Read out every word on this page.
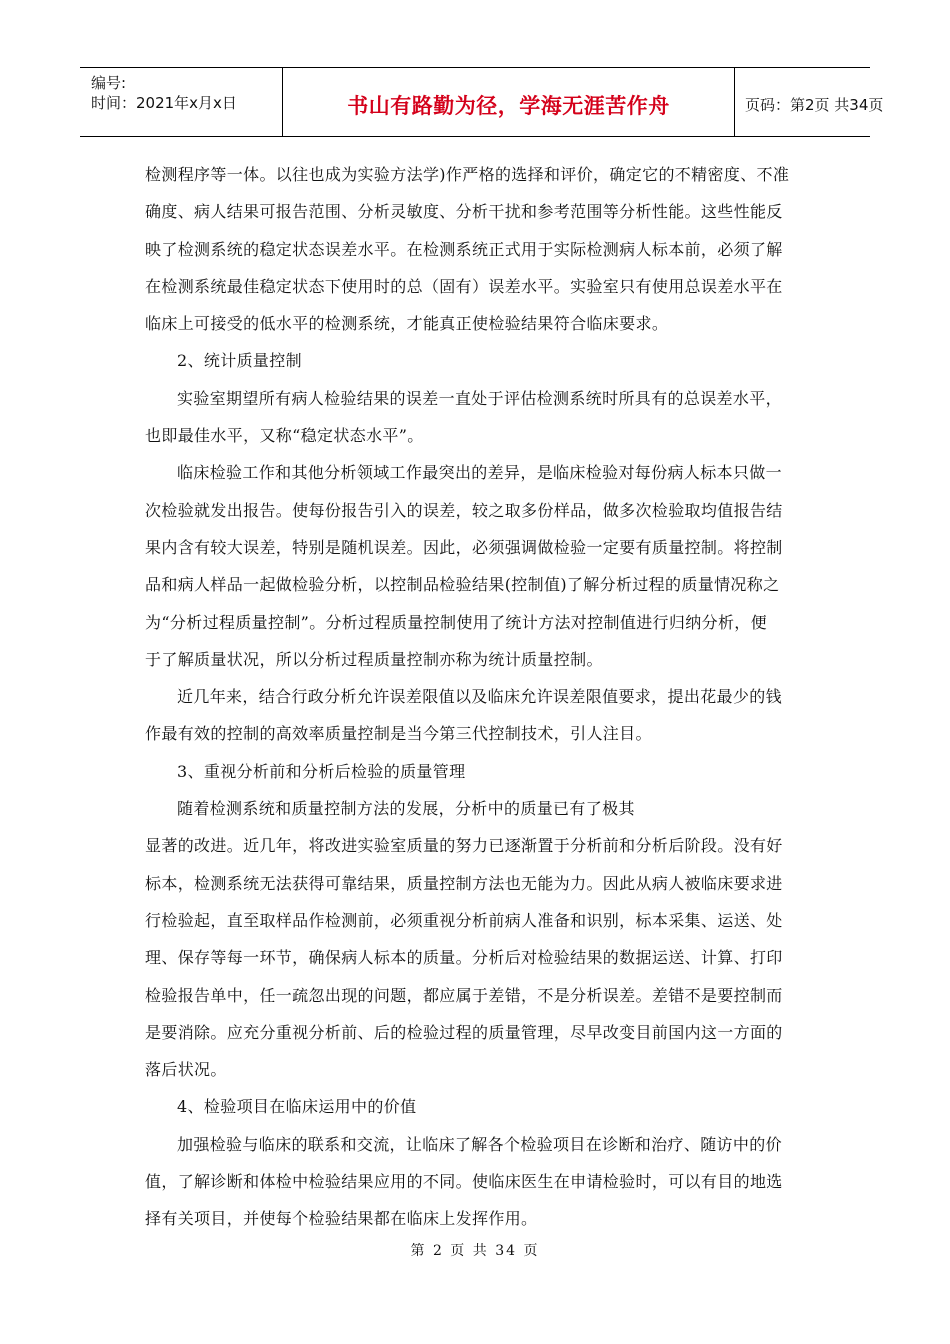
编号:
时间：2021年x月x日	书山有路勤为径，学海无涯苦作舟	页码：第2页 共34页
检测程序等一体。以往也成为实验方法学)作严格的选择和评价，确定它的不精密度、不准
确度、病人结果可报告范围、分析灵敏度、分析干扰和参考范围等分析性能。这些性能反
映了检测系统的稳定状态误差水平。在检测系统正式用于实际检测病人标本前，必须了解
在检测系统最佳稳定状态下使用时的总（固有）误差水平。实验室只有使用总误差水平在
临床上可接受的低水平的检测系统，才能真正使检验结果符合临床要求。
2、统计质量控制
实验室期望所有病人检验结果的误差一直处于评估检测系统时所具有的总误差水平，
也即最佳水平，又称“稳定状态水平”。
临床检验工作和其他分析领域工作最突出的差异，是临床检验对每份病人标本只做一
次检验就发出报告。使每份报告引入的误差，较之取多份样品，做多次检验取均值报告结
果内含有较大误差，特别是随机误差。因此，必须强调做检验一定要有质量控制。将控制
品和病人样品一起做检验分析，以控制品检验结果(控制值)了解分析过程的质量情况称之
为“分析过程质量控制”。分析过程质量控制使用了统计方法对控制值进行归纳分析，便
于了解质量状况，所以分析过程质量控制亦称为统计质量控制。
近几年来，结合行政分析允许误差限值以及临床允许误差限值要求，提出花最少的钱
作最有效的控制的高效率质量控制是当今第三代控制技术，引人注目。
3、重视分析前和分析后检验的质量管理
随着检测系统和质量控制方法的发展，分析中的质量已有了极其
显著的改进。近几年，将改进实验室质量的努力已逐渐置于分析前和分析后阶段。没有好
标本，检测系统无法获得可靠结果，质量控制方法也无能为力。因此从病人被临床要求进
行检验起，直至取样品作检测前，必须重视分析前病人准备和识别，标本采集、运送、处
理、保存等每一环节，确保病人标本的质量。分析后对检验结果的数据运送、计算、打印
检验报告单中，任一疏忽出现的问题，都应属于差错，不是分析误差。差错不是要控制而
是要消除。应充分重视分析前、后的检验过程的质量管理，尽早改变目前国内这一方面的
落后状况。
4、检验项目在临床运用中的价值
加强检验与临床的联系和交流，让临床了解各个检验项目在诊断和治疗、随访中的价
值，了解诊断和体检中检验结果应用的不同。使临床医生在申请检验时，可以有目的地选
择有关项目，并使每个检验结果都在临床上发挥作用。
第 2 页 共 34 页
